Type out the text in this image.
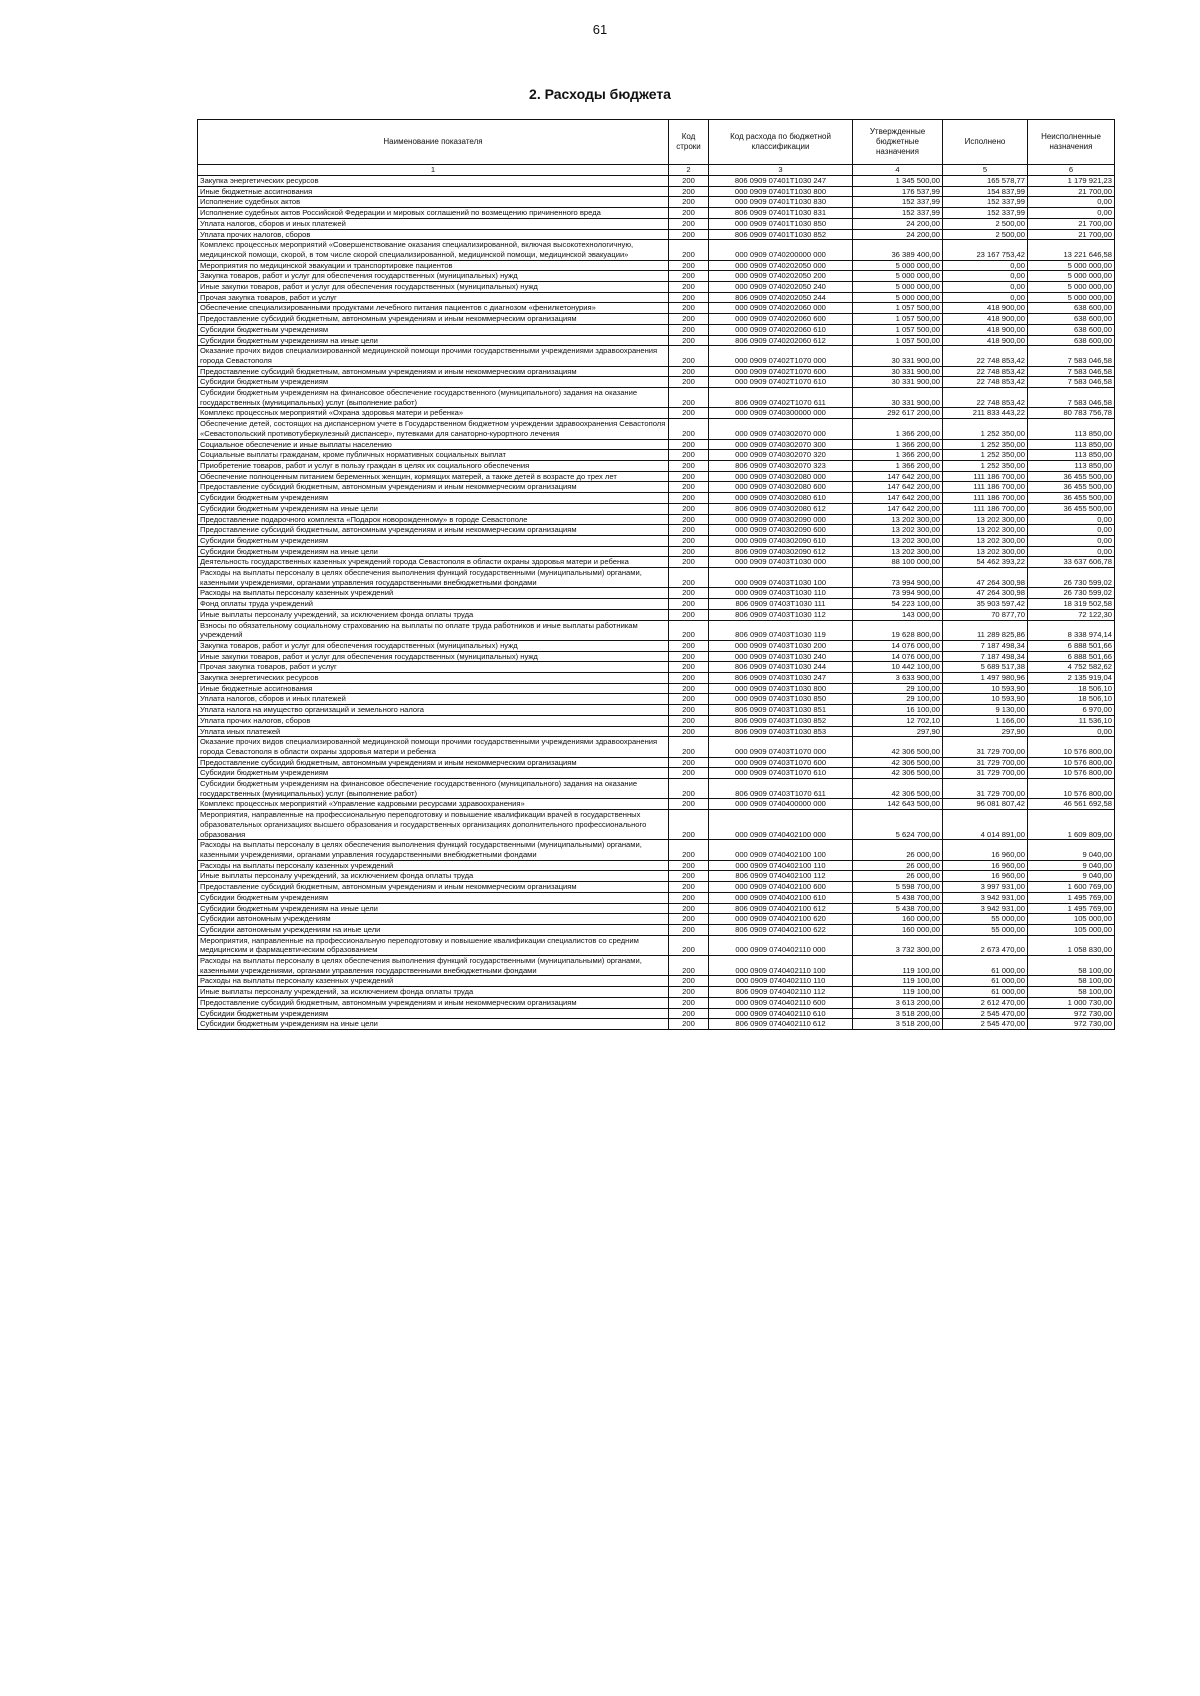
61
2. Расходы бюджета
Наименование показателя	Код строки	Код расхода по бюджетной классификации	Утвержденные бюджетные назначения	Исполнено	Неисполненные назначения
1	2	3	4	5	6
Закупка энергетических ресурсов	200	806 0909 07401Т1030 247	1 345 500,00	165 578,77	1 179 921,23
Иные бюджетные ассигнования	200	000 0909 07401Т1030 800	176 537,99	154 837,99	21 700,00
Исполнение судебных актов	200	000 0909 07401Т1030 830	152 337,99	152 337,99	0,00
Исполнение судебных актов Российской Федерации и мировых соглашений по возмещению причиненного вреда	200	806 0909 07401Т1030 831	152 337,99	152 337,99	0,00
Уплата налогов, сборов и иных платежей	200	000 0909 07401Т1030 850	24 200,00	2 500,00	21 700,00
Уплата прочих налогов, сборов	200	806 0909 07401Т1030 852	24 200,00	2 500,00	21 700,00
Комплекс процессных мероприятий «Совершенствование оказания специализированной, включая высокотехнологичную, медицинской помощи, скорой, в том числе скорой специализированной, медицинской помощи, медицинской эвакуации»	200	000 0909 0740200000 000	36 389 400,00	23 167 753,42	13 221 646,58
Мероприятия по медицинской эвакуации и транспортировке пациентов	200	000 0909 0740202050 000	5 000 000,00	0,00	5 000 000,00
Закупка товаров, работ и услуг для обеспечения государственных (муниципальных) нужд	200	000 0909 0740202050 200	5 000 000,00	0,00	5 000 000,00
Иные закупки товаров, работ и услуг для обеспечения государственных (муниципальных) нужд	200	000 0909 0740202050 240	5 000 000,00	0,00	5 000 000,00
Прочая закупка товаров, работ и услуг	200	806 0909 0740202050 244	5 000 000,00	0,00	5 000 000,00
Обеспечение специализированными продуктами лечебного питания пациентов с диагнозом «фенилкетонурия»	200	000 0909 0740202060 000	1 057 500,00	418 900,00	638 600,00
Предоставление субсидий бюджетным, автономным учреждениям и иным некоммерческим организациям	200	000 0909 0740202060 600	1 057 500,00	418 900,00	638 600,00
Субсидии бюджетным учреждениям	200	000 0909 0740202060 610	1 057 500,00	418 900,00	638 600,00
Субсидии бюджетным учреждениям на иные цели	200	806 0909 0740202060 612	1 057 500,00	418 900,00	638 600,00
Оказание прочих видов специализированной медицинской помощи прочими государственными учреждениями здравоохранения города Севастополя	200	000 0909 07402Т1070 000	30 331 900,00	22 748 853,42	7 583 046,58
Предоставление субсидий бюджетным, автономным учреждениям и иным некоммерческим организациям	200	000 0909 07402Т1070 600	30 331 900,00	22 748 853,42	7 583 046,58
Субсидии бюджетным учреждениям	200	000 0909 07402Т1070 610	30 331 900,00	22 748 853,42	7 583 046,58
Субсидии бюджетным учреждениям на финансовое обеспечение государственного (муниципального) задания на оказание государственных (муниципальных) услуг (выполнение работ)	200	806 0909 07402Т1070 611	30 331 900,00	22 748 853,42	7 583 046,58
Комплекс процессных мероприятий «Охрана здоровья матери и ребенка»	200	000 0909 0740300000 000	292 617 200,00	211 833 443,22	80 783 756,78
Обеспечение детей, состоящих на диспансерном учете в Государственном бюджетном учреждении здравоохранения Севастополя «Севастопольский противотуберкулезный диспансер», путевками для санаторно-курортного лечения	200	000 0909 0740302070 000	1 366 200,00	1 252 350,00	113 850,00
Социальное обеспечение и иные выплаты населению	200	000 0909 0740302070 300	1 366 200,00	1 252 350,00	113 850,00
Социальные выплаты гражданам, кроме публичных нормативных социальных выплат	200	000 0909 0740302070 320	1 366 200,00	1 252 350,00	113 850,00
Приобретение товаров, работ и услуг в пользу граждан в целях их социального обеспечения	200	806 0909 0740302070 323	1 366 200,00	1 252 350,00	113 850,00
Обеспечение полноценным питанием беременных женщин, кормящих матерей, а также детей в возрасте до трех лет	200	000 0909 0740302080 000	147 642 200,00	111 186 700,00	36 455 500,00
Предоставление субсидий бюджетным, автономным учреждениям и иным некоммерческим организациям	200	000 0909 0740302080 600	147 642 200,00	111 186 700,00	36 455 500,00
Субсидии бюджетным учреждениям	200	000 0909 0740302080 610	147 642 200,00	111 186 700,00	36 455 500,00
Субсидии бюджетным учреждениям на иные цели	200	806 0909 0740302080 612	147 642 200,00	111 186 700,00	36 455 500,00
Предоставление подарочного комплекта «Подарок новорожденному» в городе Севастополе	200	000 0909 0740302090 000	13 202 300,00	13 202 300,00	0,00
Предоставление субсидий бюджетным, автономным учреждениям и иным некоммерческим организациям	200	000 0909 0740302090 600	13 202 300,00	13 202 300,00	0,00
Субсидии бюджетным учреждениям	200	000 0909 0740302090 610	13 202 300,00	13 202 300,00	0,00
Субсидии бюджетным учреждениям на иные цели	200	806 0909 0740302090 612	13 202 300,00	13 202 300,00	0,00
Деятельность государственных казенных учреждений города Севастополя в области охраны здоровья матери и ребенка	200	000 0909 07403Т1030 000	88 100 000,00	54 462 393,22	33 637 606,78
Расходы на выплаты персоналу в целях обеспечения выполнения функций государственными (муниципальными) органами, казенными учреждениями, органами управления государственными внебюджетными фондами	200	000 0909 07403Т1030 100	73 994 900,00	47 264 300,98	26 730 599,02
Расходы на выплаты персоналу казенных учреждений	200	000 0909 07403Т1030 110	73 994 900,00	47 264 300,98	26 730 599,02
Фонд оплаты труда учреждений	200	806 0909 07403Т1030 111	54 223 100,00	35 903 597,42	18 319 502,58
Иные выплаты персоналу учреждений, за исключением фонда оплаты труда	200	806 0909 07403Т1030 112	143 000,00	70 877,70	72 122,30
Взносы по обязательному социальному страхованию на выплаты по оплате труда работников и иные выплаты работникам учреждений	200	806 0909 07403Т1030 119	19 628 800,00	11 289 825,86	8 338 974,14
Закупка товаров, работ и услуг для обеспечения государственных (муниципальных) нужд	200	000 0909 07403Т1030 200	14 076 000,00	7 187 498,34	6 888 501,66
Иные закупки товаров, работ и услуг для обеспечения государственных (муниципальных) нужд	200	000 0909 07403Т1030 240	14 076 000,00	7 187 498,34	6 888 501,66
Прочая закупка товаров, работ и услуг	200	806 0909 07403Т1030 244	10 442 100,00	5 689 517,38	4 752 582,62
Закупка энергетических ресурсов	200	806 0909 07403Т1030 247	3 633 900,00	1 497 980,96	2 135 919,04
Иные бюджетные ассигнования	200	000 0909 07403Т1030 800	29 100,00	10 593,90	18 506,10
Уплата налогов, сборов и иных платежей	200	000 0909 07403Т1030 850	29 100,00	10 593,90	18 506,10
Уплата налога на имущество организаций и земельного налога	200	806 0909 07403Т1030 851	16 100,00	9 130,00	6 970,00
Уплата прочих налогов, сборов	200	806 0909 07403Т1030 852	12 702,10	1 166,00	11 536,10
Уплата иных платежей	200	806 0909 07403Т1030 853	297,90	297,90	0,00
Оказание прочих видов специализированной медицинской помощи прочими государственными учреждениями здравоохранения города Севастополя в области охраны здоровья матери и ребенка	200	000 0909 07403Т1070 000	42 306 500,00	31 729 700,00	10 576 800,00
Предоставление субсидий бюджетным, автономным учреждениям и иным некоммерческим организациям	200	000 0909 07403Т1070 600	42 306 500,00	31 729 700,00	10 576 800,00
Субсидии бюджетным учреждениям	200	000 0909 07403Т1070 610	42 306 500,00	31 729 700,00	10 576 800,00
Субсидии бюджетным учреждениям на финансовое обеспечение государственного (муниципального) задания на оказание государственных (муниципальных) услуг (выполнение работ)	200	806 0909 07403Т1070 611	42 306 500,00	31 729 700,00	10 576 800,00
Комплекс процессных мероприятий «Управление кадровыми ресурсами здравоохранения»	200	000 0909 0740400000 000	142 643 500,00	96 081 807,42	46 561 692,58
Мероприятия, направленные на профессиональную переподготовку и повышение квалификации врачей в государственных образовательных организациях высшего образования и государственных организациях дополнительного профессионального образования	200	000 0909 0740402100 000	5 624 700,00	4 014 891,00	1 609 809,00
Расходы на выплаты персоналу в целях обеспечения выполнения функций государственными (муниципальными) органами, казенными учреждениями, органами управления государственными внебюджетными фондами	200	000 0909 0740402100 100	26 000,00	16 960,00	9 040,00
Расходы на выплаты персоналу казенных учреждений	200	000 0909 0740402100 110	26 000,00	16 960,00	9 040,00
Иные выплаты персоналу учреждений, за исключением фонда оплаты труда	200	806 0909 0740402100 112	26 000,00	16 960,00	9 040,00
Предоставление субсидий бюджетным, автономным учреждениям и иным некоммерческим организациям	200	000 0909 0740402100 600	5 598 700,00	3 997 931,00	1 600 769,00
Субсидии бюджетным учреждениям	200	000 0909 0740402100 610	5 438 700,00	3 942 931,00	1 495 769,00
Субсидии бюджетным учреждениям на иные цели	200	806 0909 0740402100 612	5 438 700,00	3 942 931,00	1 495 769,00
Субсидии автономным учреждениям	200	000 0909 0740402100 620	160 000,00	55 000,00	105 000,00
Субсидии автономным учреждениям на иные цели	200	806 0909 0740402100 622	160 000,00	55 000,00	105 000,00
Мероприятия, направленные на профессиональную переподготовку и повышение квалификации специалистов со средним медицинским и фармацевтическим образованием	200	000 0909 0740402110 000	3 732 300,00	2 673 470,00	1 058 830,00
Расходы на выплаты персоналу в целях обеспечения выполнения функций государственными (муниципальными) органами, казенными учреждениями, органами управления государственными внебюджетными фондами	200	000 0909 0740402110 100	119 100,00	61 000,00	58 100,00
Расходы на выплаты персоналу казенных учреждений	200	000 0909 0740402110 110	119 100,00	61 000,00	58 100,00
Иные выплаты персоналу учреждений, за исключением фонда оплаты труда	200	806 0909 0740402110 112	119 100,00	61 000,00	58 100,00
Предоставление субсидий бюджетным, автономным учреждениям и иным некоммерческим организациям	200	000 0909 0740402110 600	3 613 200,00	2 612 470,00	1 000 730,00
Субсидии бюджетным учреждениям	200	000 0909 0740402110 610	3 518 200,00	2 545 470,00	972 730,00
Субсидии бюджетным учреждениям на иные цели	200	806 0909 0740402110 612	3 518 200,00	2 545 470,00	972 730,00
